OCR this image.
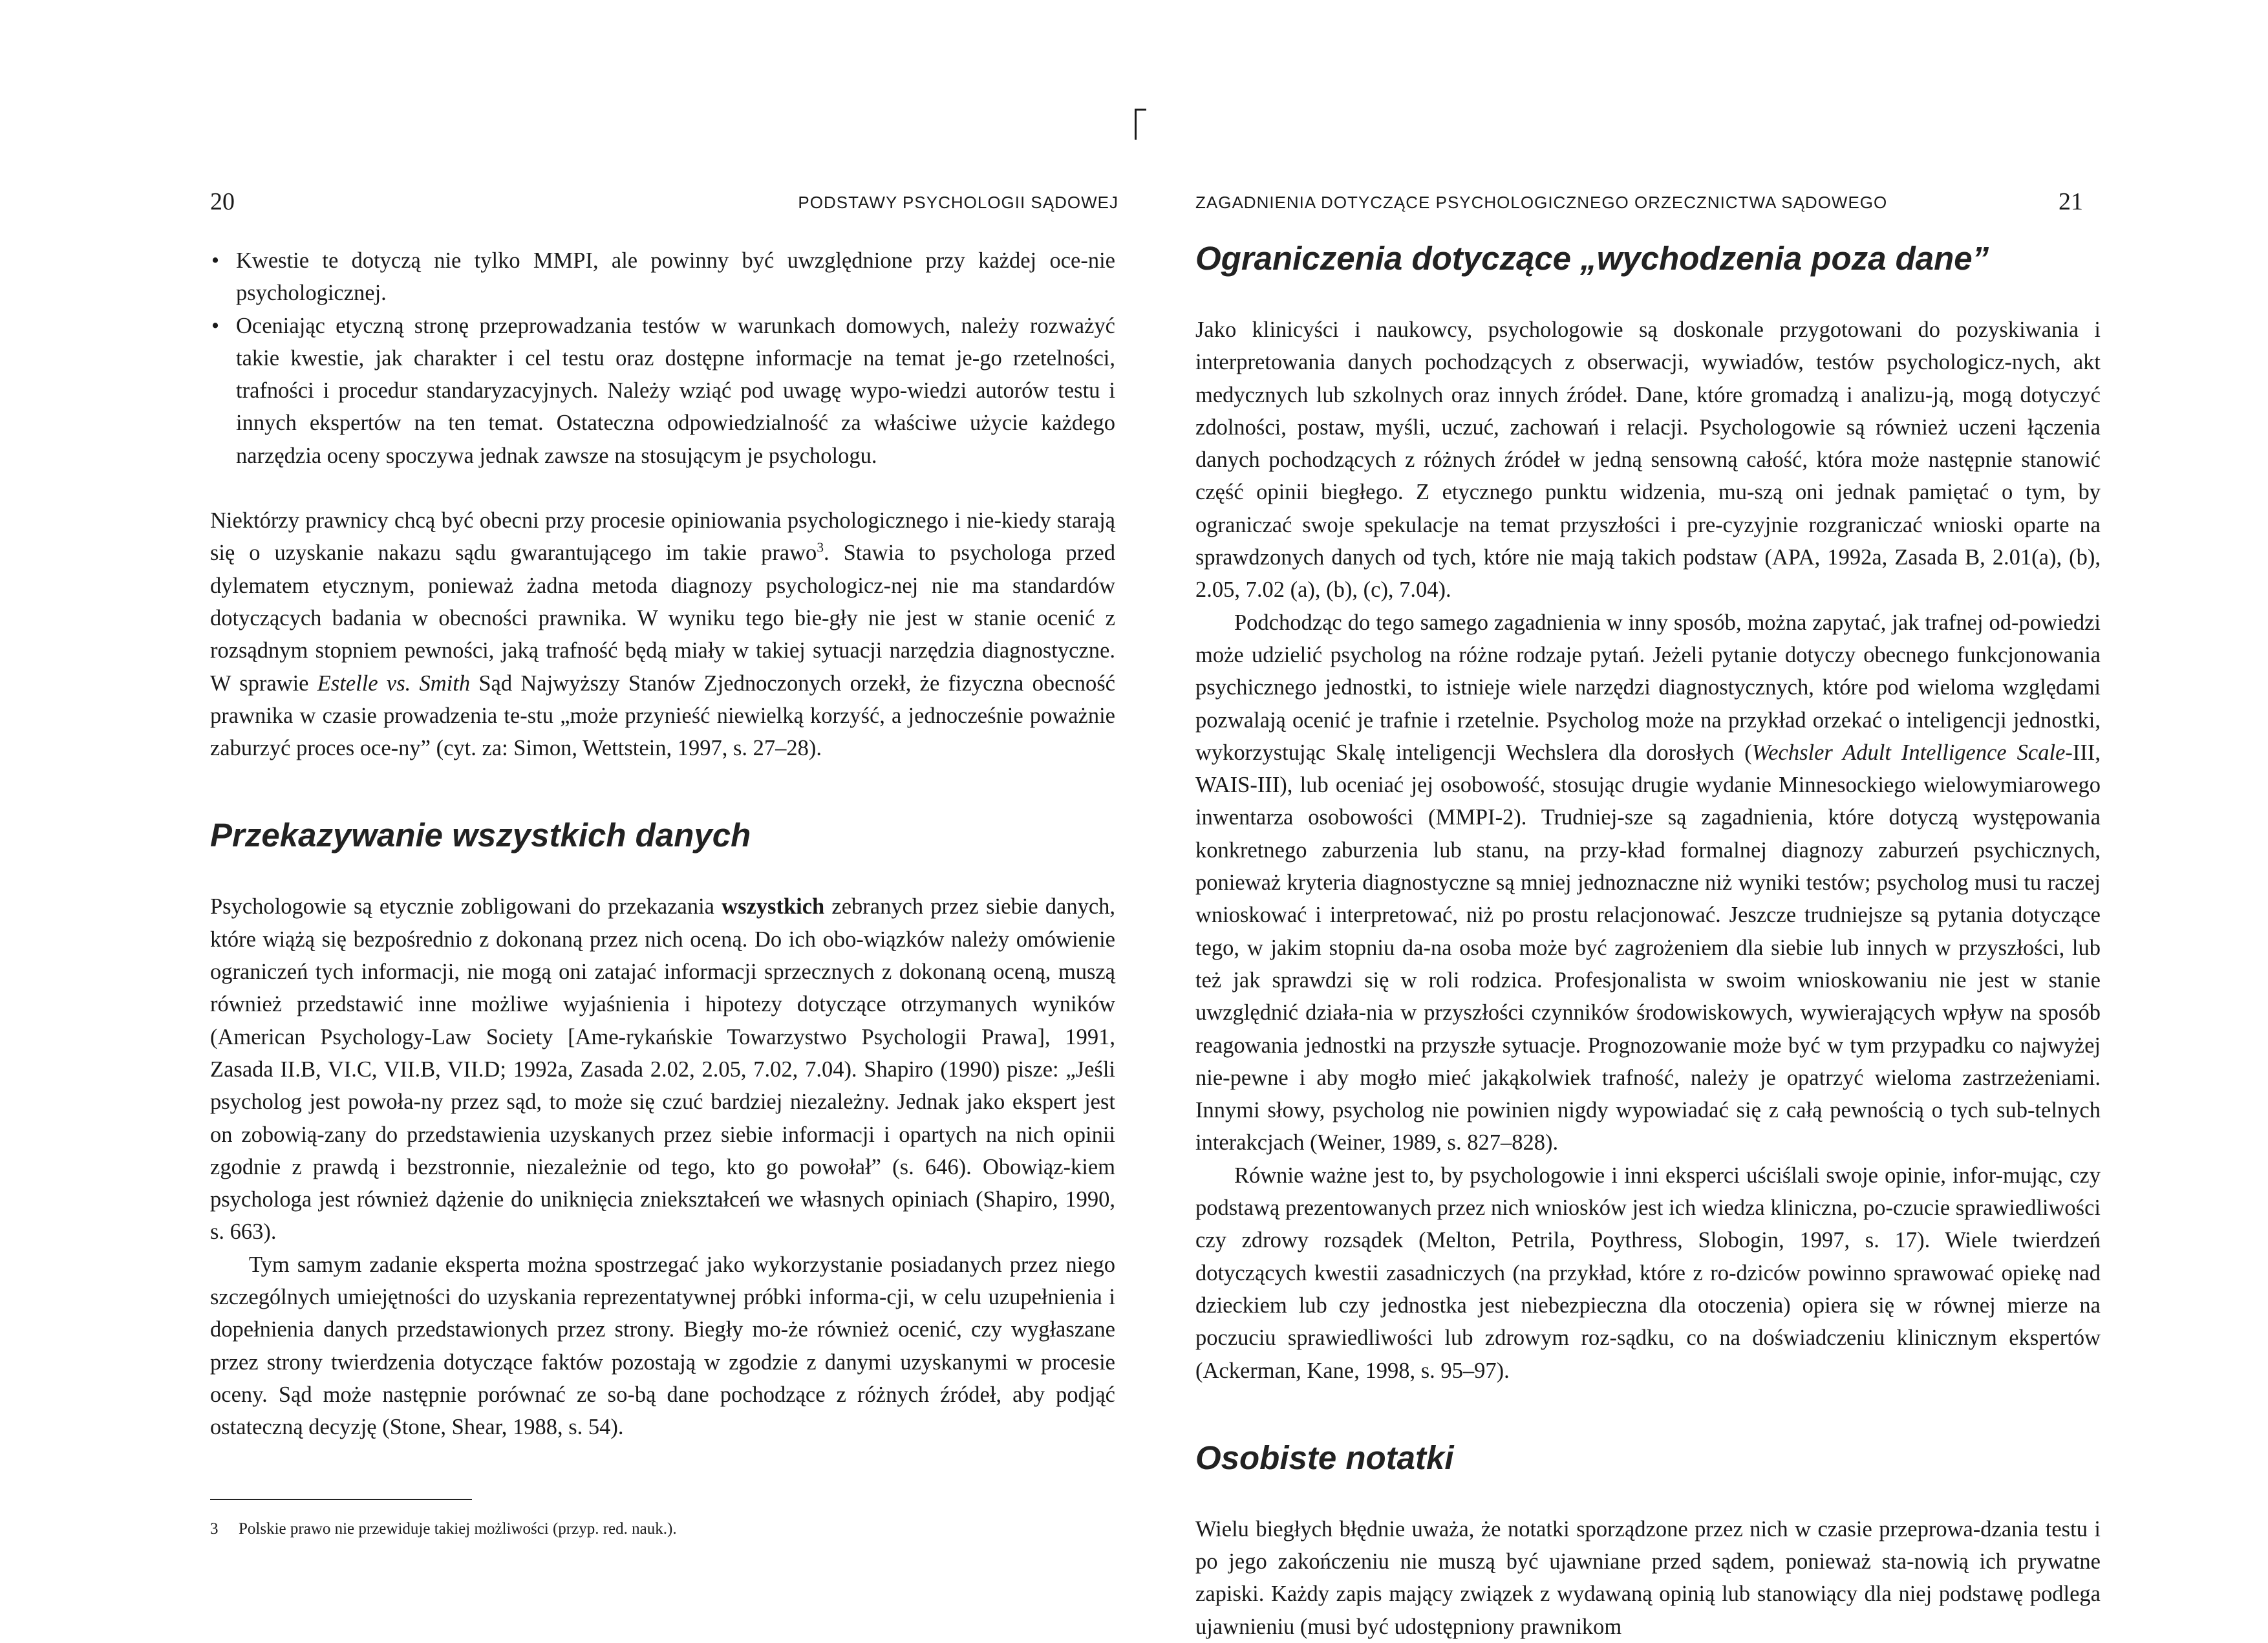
20	PODSTAWY PSYCHOLOGII SĄDOWEJ

• Kwestie te dotyczą nie tylko MMPI, ale powinny być uwzględnione przy każdej oce-nie psychologicznej.
• Oceniając etyczną stronę przeprowadzania testów w warunkach domowych, należy rozważyć takie kwestie, jak charakter i cel testu oraz dostępne informacje na temat je-go rzetelności, trafności i procedur standaryzacyjnych. Należy wziąć pod uwagę wypo-wiedzi autorów testu i innych ekspertów na ten temat. Ostateczna odpowiedzialność za właściwe użycie każdego narzędzia oceny spoczywa jednak zawsze na stosującym je psychologu.

Niektórzy prawnicy chcą być obecni przy procesie opiniowania psychologicznego i nie-kiedy starają się o uzyskanie nakazu sądu gwarantującego im takie prawo$^3$. Stawia to psychologa przed dylematem etycznym, ponieważ żadna metoda diagnozy psychologicz-nej nie ma standardów dotyczących badania w obecności prawnika. W wyniku tego bie-gły nie jest w stanie ocenić z rozsądnym stopniem pewności, jaką trafność będą miały w takiej sytuacji narzędzia diagnostyczne. W sprawie Estelle vs. Smith Sąd Najwyższy Stanów Zjednoczonych orzekł, że fizyczna obecność prawnika w czasie prowadzenia te-stu „może przynieść niewielką korzyść, a jednocześnie poważnie zaburzyć proces oce-ny” (cyt. za: Simon, Wettstein, 1997, s. 27–28).

Przekazywanie wszystkich danych

Psychologowie są etycznie zobligowani do przekazania wszystkich zebranych przez siebie danych, które wiążą się bezpośrednio z dokonaną przez nich oceną. Do ich obo-wiązków należy omówienie ograniczeń tych informacji, nie mogą oni zatajać informacji sprzecznych z dokonaną oceną, muszą również przedstawić inne możliwe wyjaśnienia i hipotezy dotyczące otrzymanych wyników (American Psychology-Law Society [Ame-rykańskie Towarzystwo Psychologii Prawa], 1991, Zasada II.B, VI.C, VII.B, VII.D; 1992a, Zasada 2.02, 2.05, 7.02, 7.04). Shapiro (1990) pisze: „Jeśli psycholog jest powoła-ny przez sąd, to może się czuć bardziej niezależny. Jednak jako ekspert jest on zobowią-zany do przedstawienia uzyskanych przez siebie informacji i opartych na nich opinii zgodnie z prawdą i bezstronnie, niezależnie od tego, kto go powołał” (s. 646). Obowiąz-kiem psychologa jest również dążenie do uniknięcia zniekształceń we własnych opiniach (Shapiro, 1990, s. 663).

Tym samym zadanie eksperta można spostrzegać jako wykorzystanie posiadanych przez niego szczególnych umiejętności do uzyskania reprezentatywnej próbki informa-cji, w celu uzupełnienia i dopełnienia danych przedstawionych przez strony. Biegły mo-że również ocenić, czy wygłaszane przez strony twierdzenia dotyczące faktów pozostają w zgodzie z danymi uzyskanymi w procesie oceny. Sąd może następnie porównać ze so-bą dane pochodzące z różnych źródeł, aby podjąć ostateczną decyzję (Stone, Shear, 1988, s. 54).

3 Polskie prawo nie przewiduje takiej możliwości (przyp. red. nauk.).

ZAGADNIENIA DOTYCZĄCE PSYCHOLOGICZNEGO ORZECZNICTWA SĄDOWEGO	21

Ograniczenia dotyczące „wychodzenia poza dane”

Jako klinicyści i naukowcy, psychologowie są doskonale przygotowani do pozyskiwania i interpretowania danych pochodzących z obserwacji, wywiadów, testów psychologicz-nych, akt medycznych lub szkolnych oraz innych źródeł. Dane, które gromadzą i analizu-ją, mogą dotyczyć zdolności, postaw, myśli, uczuć, zachowań i relacji. Psychologowie są również uczeni łączenia danych pochodzących z różnych źródeł w jedną sensowną całość, która może następnie stanowić część opinii biegłego. Z etycznego punktu widzenia, mu-szą oni jednak pamiętać o tym, by ograniczać swoje spekulacje na temat przyszłości i pre-cyzyjnie rozgraniczać wnioski oparte na sprawdzonych danych od tych, które nie mają takich podstaw (APA, 1992a, Zasada B, 2.01(a), (b), 2.05, 7.02 (a), (b), (c), 7.04).

Podchodząc do tego samego zagadnienia w inny sposób, można zapytać, jak trafnej od-powiedzi może udzielić psycholog na różne rodzaje pytań. Jeżeli pytanie dotyczy obecnego funkcjonowania psychicznego jednostki, to istnieje wiele narzędzi diagnostycznych, które pod wieloma względami pozwalają ocenić je trafnie i rzetelnie. Psycholog może na przykład orzekać o inteligencji jednostki, wykorzystując Skalę inteligencji Wechslera dla dorosłych (Wechsler Adult Intelligence Scale-III, WAIS-III), lub oceniać jej osobowość, stosując drugie wydanie Minnesockiego wielowymiarowego inwentarza osobowości (MMPI-2). Trudniej-sze są zagadnienia, które dotyczą występowania konkretnego zaburzenia lub stanu, na przy-kład formalnej diagnozy zaburzeń psychicznych, ponieważ kryteria diagnostyczne są mniej jednoznaczne niż wyniki testów; psycholog musi tu raczej wnioskować i interpretować, niż po prostu relacjonować. Jeszcze trudniejsze są pytania dotyczące tego, w jakim stopniu da-na osoba może być zagrożeniem dla siebie lub innych w przyszłości, lub też jak sprawdzi się w roli rodzica. Profesjonalista w swoim wnioskowaniu nie jest w stanie uwzględnić działa-nia w przyszłości czynników środowiskowych, wywierających wpływ na sposób reagowania jednostki na przyszłe sytuacje. Prognozowanie może być w tym przypadku co najwyżej nie-pewne i aby mogło mieć jakąkolwiek trafność, należy je opatrzyć wieloma zastrzeżeniami. Innymi słowy, psycholog nie powinien nigdy wypowiadać się z całą pewnością o tych sub-telnych interakcjach (Weiner, 1989, s. 827–828).

Równie ważne jest to, by psychologowie i inni eksperci uściślali swoje opinie, infor-mując, czy podstawą prezentowanych przez nich wniosków jest ich wiedza kliniczna, po-czucie sprawiedliwości czy zdrowy rozsądek (Melton, Petrila, Poythress, Slobogin, 1997, s. 17). Wiele twierdzeń dotyczących kwestii zasadniczych (na przykład, które z ro-dziców powinno sprawować opiekę nad dzieckiem lub czy jednostka jest niebezpieczna dla otoczenia) opiera się w równej mierze na poczuciu sprawiedliwości lub zdrowym roz-sądku, co na doświadczeniu klinicznym ekspertów (Ackerman, Kane, 1998, s. 95–97).

Osobiste notatki

Wielu biegłych błędnie uważa, że notatki sporządzone przez nich w czasie przeprowa-dzania testu i po jego zakończeniu nie muszą być ujawniane przed sądem, ponieważ sta-nowią ich prywatne zapiski. Każdy zapis mający związek z wydawaną opinią lub stanowiący dla niej podstawę podlega ujawnieniu (musi być udostępniony prawnikom
